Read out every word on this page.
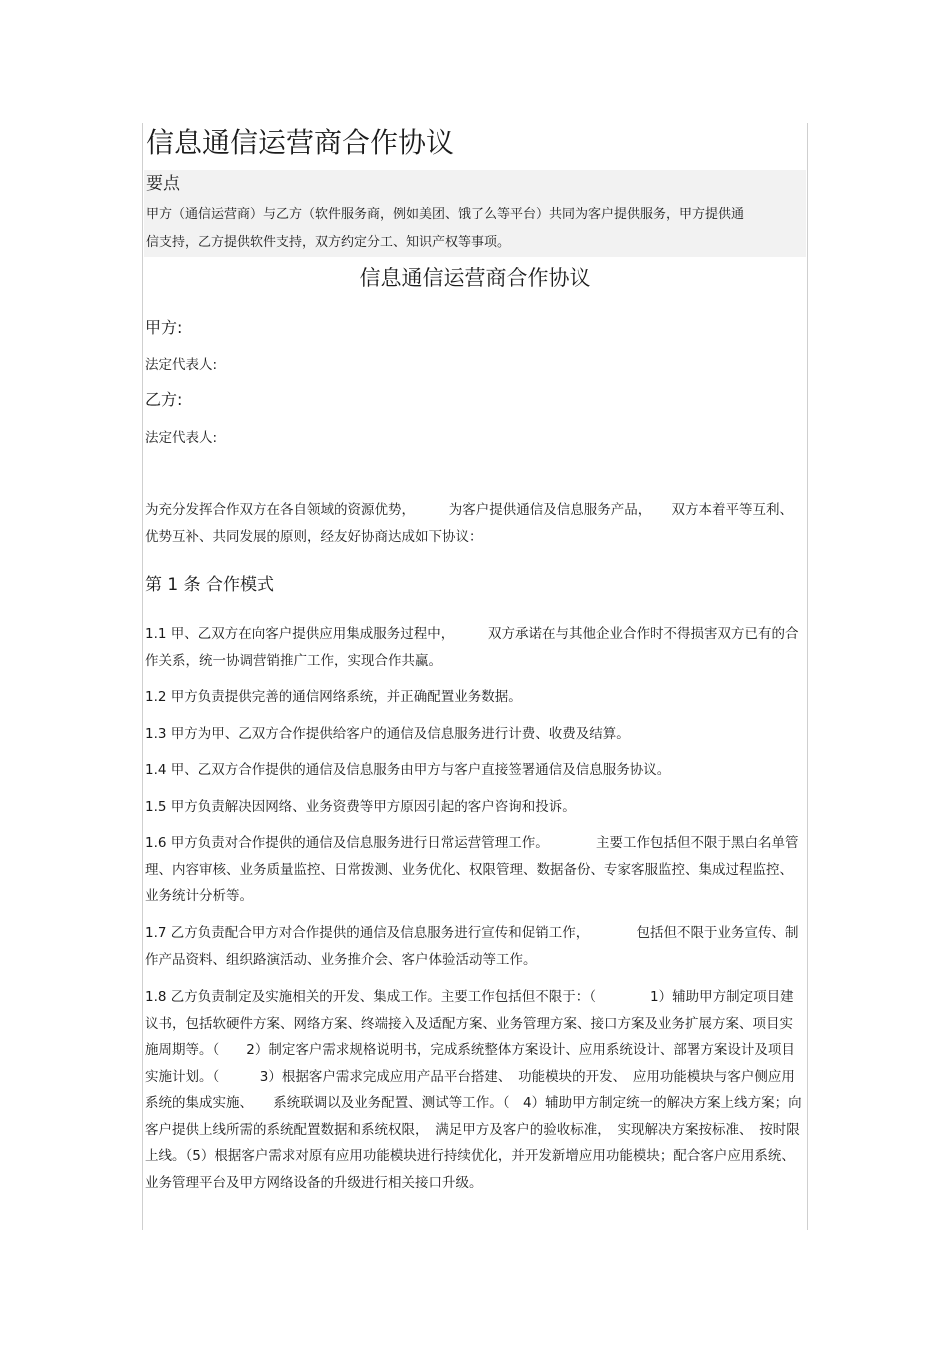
信息通信运营商合作协议
要点
甲方（通信运营商）与乙方（软件服务商，例如美团、饿了么等平台）共同为客户提供服务，甲方提供通信支持，乙方提供软件支持，双方约定分工、知识产权等事项。
信息通信运营商合作协议
甲方:
法定代表人:
乙方:
法定代表人:
为充分发挥合作双方在各自领域的资源优势，　　　为客户提供通信及信息服务产品，　　双方本着平等互利、优势互补、共同发展的原则，经友好协商达成如下协议：
第 1 条 合作模式
1.1 甲、乙双方在向客户提供应用集成服务过程中，　　　双方承诺在与其他企业合作时不得损害双方已有的合作关系，统一协调营销推广工作，实现合作共赢。
1.2 甲方负责提供完善的通信网络系统，并正确配置业务数据。
1.3 甲方为甲、乙双方合作提供给客户的通信及信息服务进行计费、收费及结算。
1.4 甲、乙双方合作提供的通信及信息服务由甲方与客户直接签署通信及信息服务协议。
1.5 甲方负责解决因网络、业务资费等甲方原因引起的客户咨询和投诉。
1.6 甲方负责对合作提供的通信及信息服务进行日常运营管理工作。　　　　主要工作包括但不限于黑白名单管理、内容审核、业务质量监控、日常拨测、业务优化、权限管理、数据备份、专家客服监控、集成过程监控、业务统计分析等。
1.7 乙方负责配合甲方对合作提供的通信及信息服务进行宣传和促销工作，　　　　包括但不限于业务宣传、制作产品资料、组织路演活动、业务推介会、客户体验活动等工作。
1.8 乙方负责制定及实施相关的开发、集成工作。主要工作包括但不限于：（　　　　1）辅助甲方制定项目建议书，包括软硬件方案、网络方案、终端接入及适配方案、业务管理方案、接口方案及业务扩展方案、项目实施周期等。（　　2）制定客户需求规格说明书，完成系统整体方案设计、应用系统设计、部署方案设计及项目实施计划。（　　　3）根据客户需求完成应用产品平台搭建、　功能模块的开发、　应用功能模块与客户侧应用系统的集成实施、　　系统联调以及业务配置、测试等工作。（　4）辅助甲方制定统一的解决方案上线方案；向客户提供上线所需的系统配置数据和系统权限，　满足甲方及客户的验收标准，　实现解决方案按标准、　按时限上线。（5）根据客户需求对原有应用功能模块进行持续优化，并开发新增应用功能模块；配合客户应用系统、业务管理平台及甲方网络设备的升级进行相关接口升级。
